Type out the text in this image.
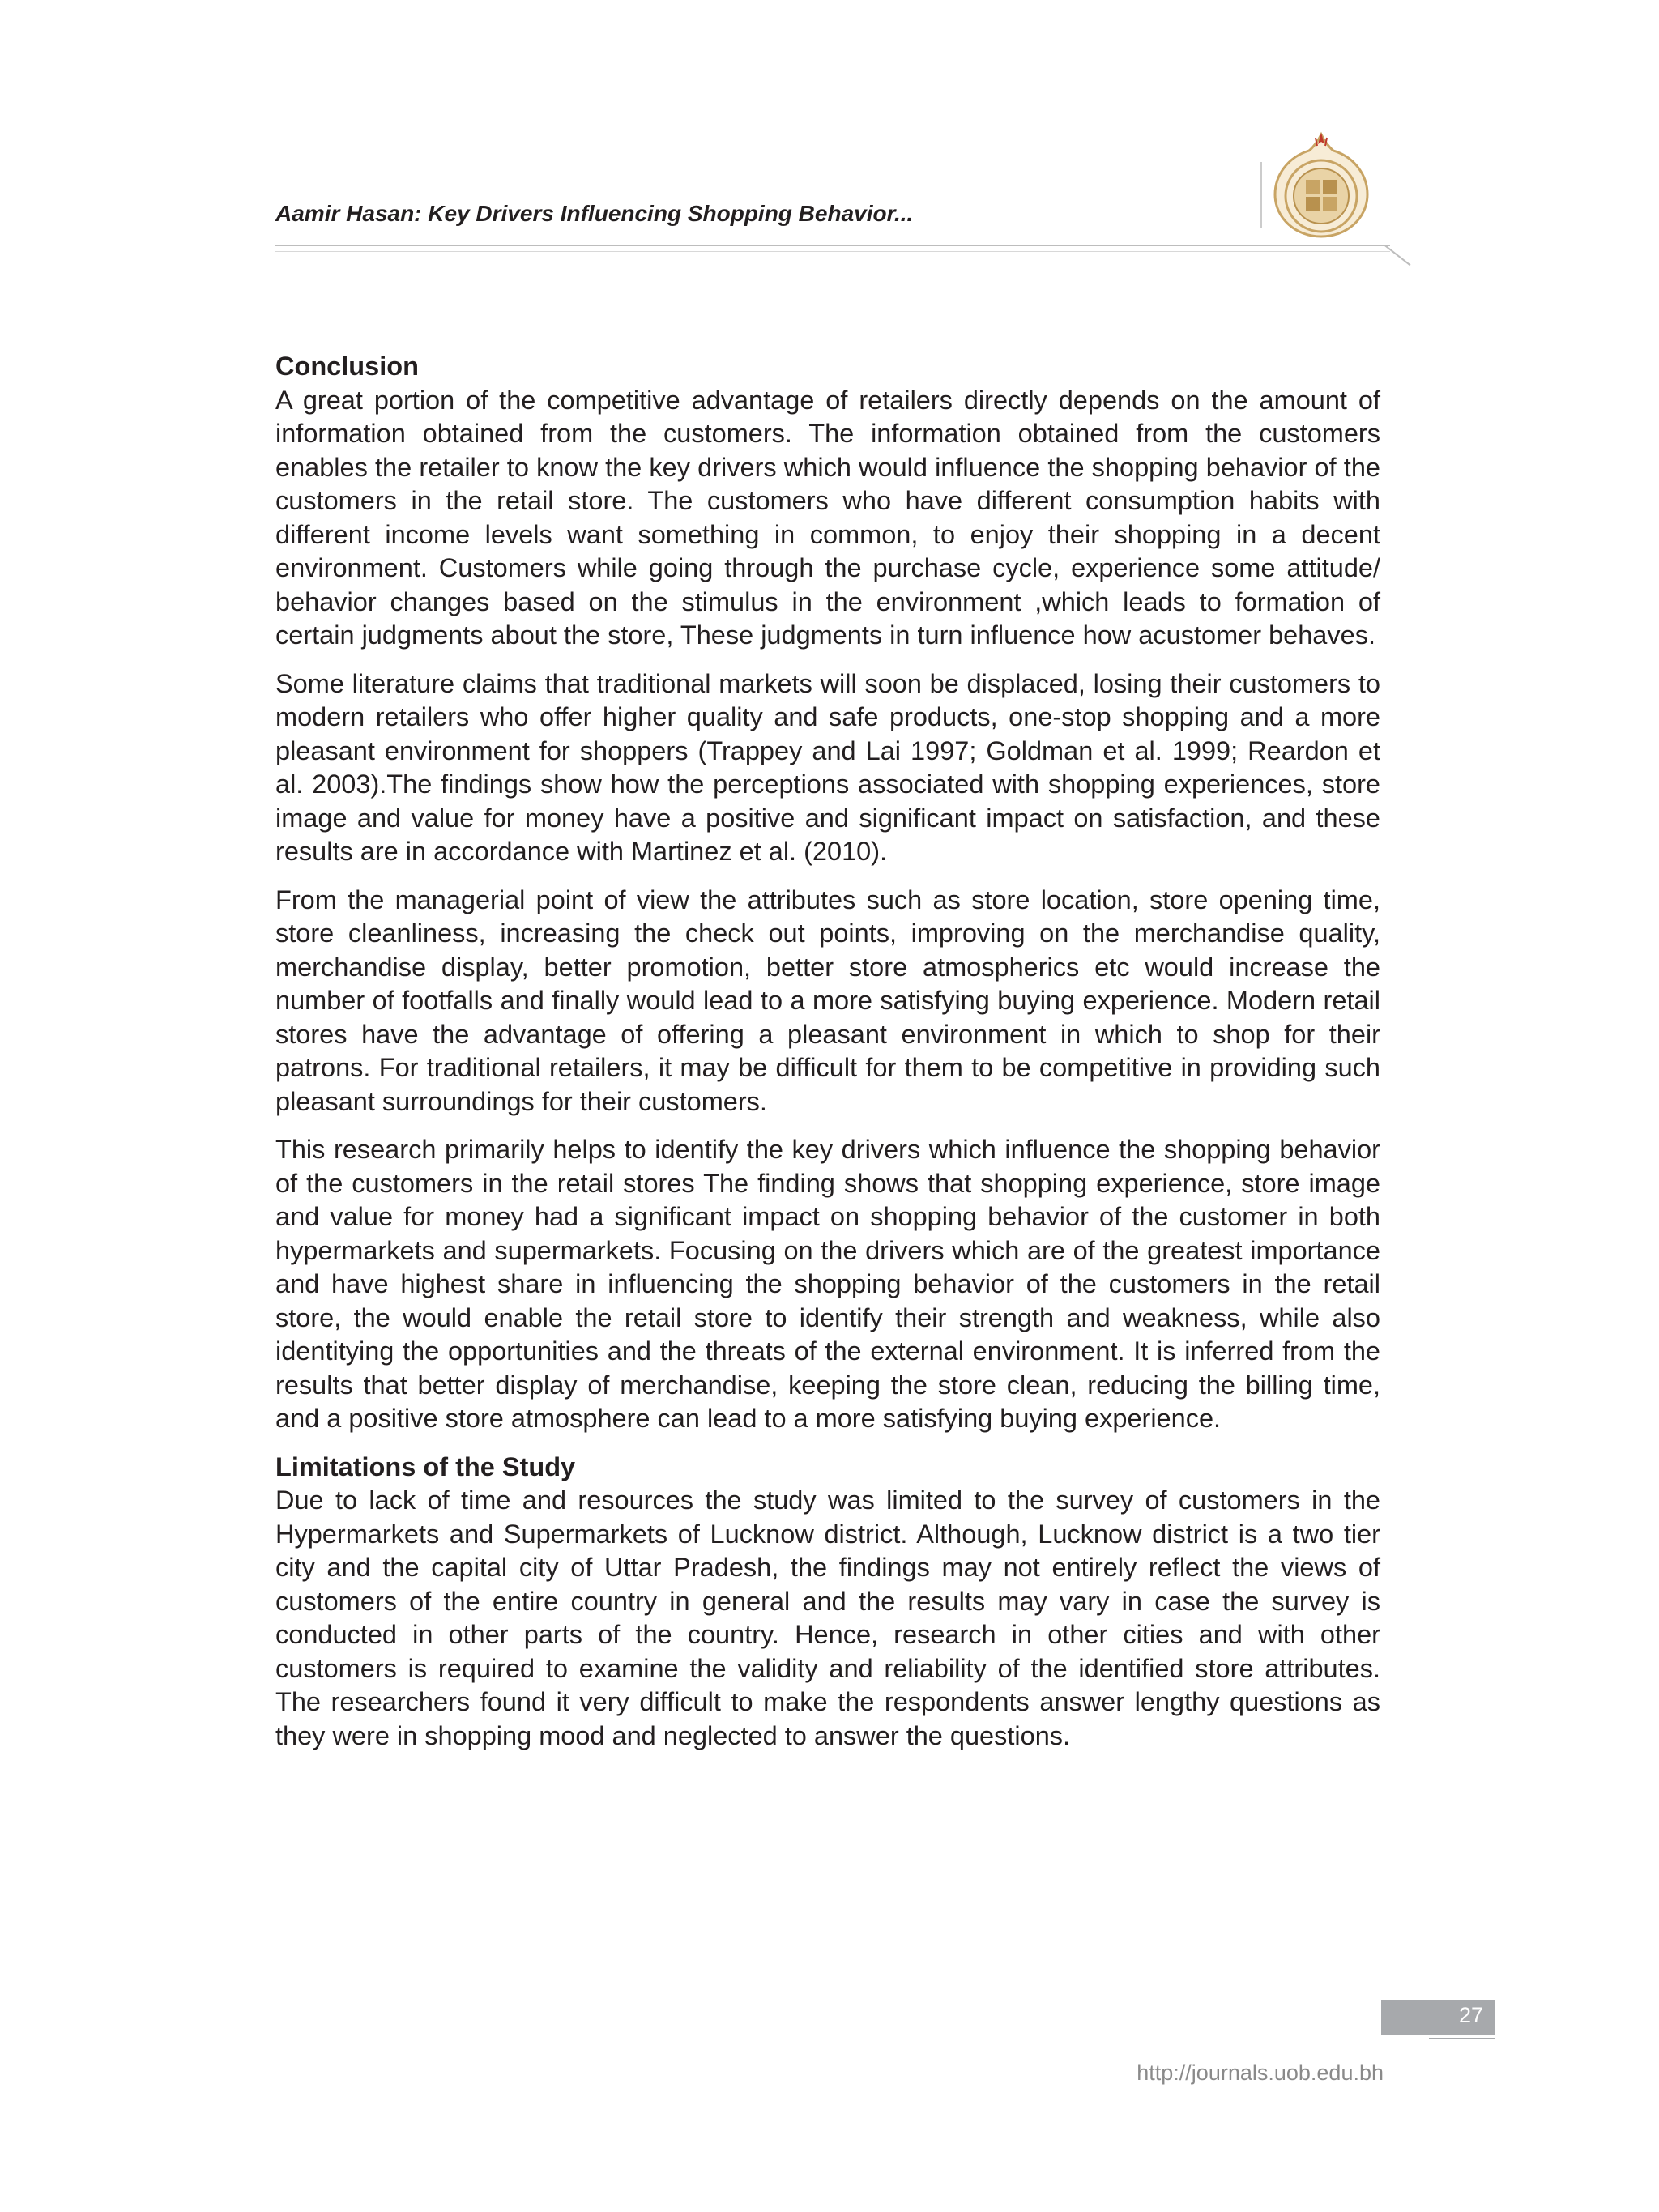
Aamir Hasan: Key Drivers Influencing Shopping Behavior...

Conclusion

A great portion of the competitive advantage of retailers directly depends on the amount of information obtained from the customers. The information obtained from the customers enables the retailer to know the key drivers which would influence the shopping behavior of the customers in the retail store. The customers who have different consumption habits with different income levels want something in common, to enjoy their shopping in a decent environment. Customers while going through the purchase cycle, experience some attitude/ behavior changes based on the stimulus in the environment ,which leads to formation of certain judgments about the store, These judgments in turn influence how acustomer behaves.

Some literature claims that traditional markets will soon be displaced, losing their customers to modern retailers who offer higher quality and safe products, one-stop shopping and a more pleasant environment for shoppers (Trappey and Lai 1997; Goldman et al. 1999; Reardon et al. 2003).The findings show how the perceptions associated with shopping experiences, store image and value for money have a positive and significant impact on satisfaction, and these results are in accordance with Martinez et al. (2010).

From the managerial point of view the attributes such as store location, store opening time, store cleanliness, increasing the check out points, improving on the merchandise quality, merchandise display, better promotion, better store atmospherics etc would increase the number of footfalls and finally would lead to a more satisfying buying experience. Modern retail stores have the advantage of offering a pleasant environment in which to shop for their patrons. For traditional retailers, it may be difficult for them to be competitive in providing such pleasant surroundings for their customers.

This research primarily helps to identify the key drivers which influence the shopping behavior of the customers in the retail stores The finding shows that shopping experience, store image and value for money had a significant impact on shopping behavior of the customer in both hypermarkets and supermarkets. Focusing on the drivers which are of the greatest importance and have highest share in influencing the shopping behavior of the customers in the retail store, the would enable the retail store to identify their strength and weakness, while also identitying the opportunities and the threats of the external environment. It is inferred from the results that better display of merchandise, keeping the store clean, reducing the billing time, and a positive store atmosphere can lead to a more satisfying buying experience.

Limitations of the Study

Due to lack of time and resources the study was limited to the survey of customers in the Hypermarkets and Supermarkets of Lucknow district. Although, Lucknow district is a two tier city and the capital city of Uttar Pradesh, the findings may not entirely reflect the views of customers of the entire country in general and the results may vary in case the survey is conducted in other parts of the country. Hence, research in other cities and with other customers is required to examine the validity and reliability of the identified store attributes. The researchers found it very difficult to make the respondents answer lengthy questions as they were in shopping mood and neglected to answer the questions.

27
http://journals.uob.edu.bh
